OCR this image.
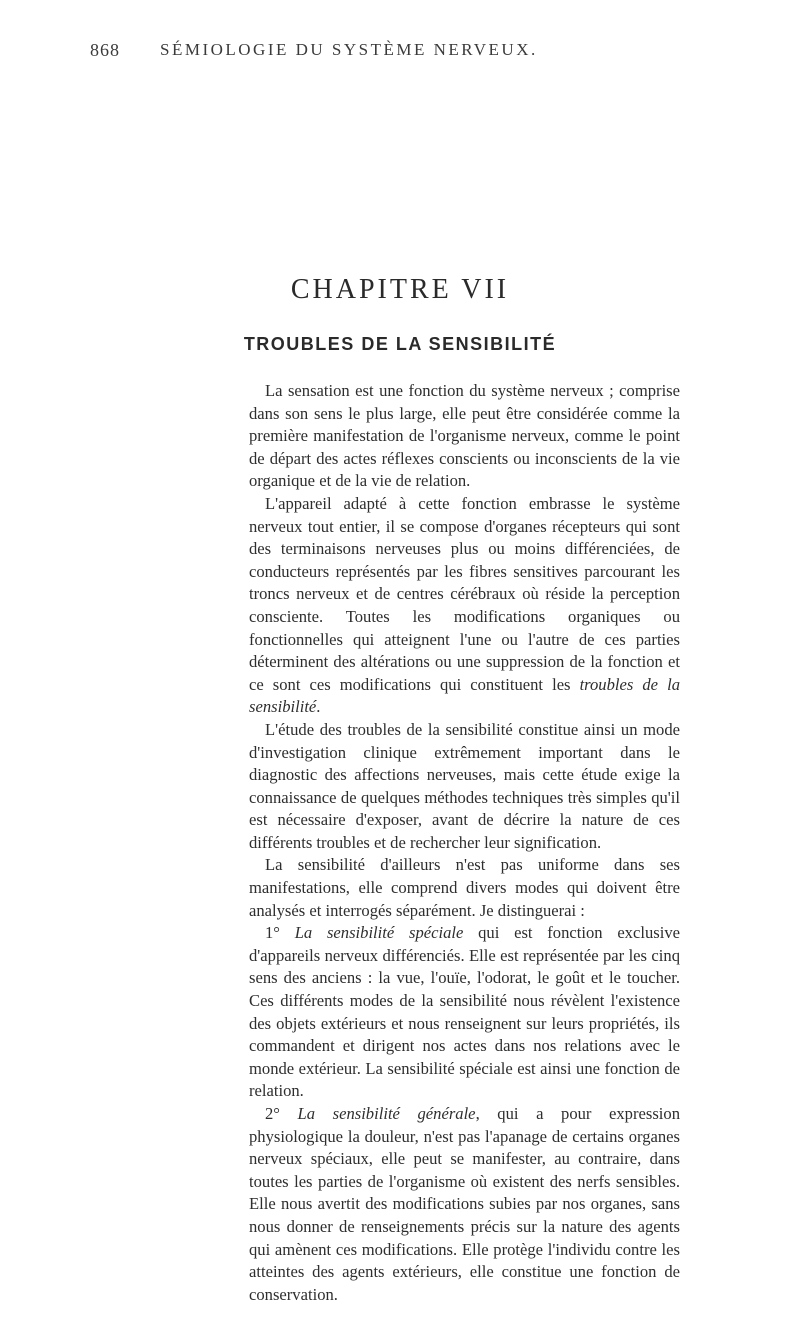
868 SÉMIOLOGIE DU SYSTÈME NERVEUX.
CHAPITRE VII
TROUBLES DE LA SENSIBILITÉ

La sensation est une fonction du système nerveux ; comprise dans son sens le plus large, elle peut être considérée comme la première manifestation de l'organisme nerveux, comme le point de départ des actes réflexes conscients ou inconscients de la vie organique et de la vie de relation.

L'appareil adapté à cette fonction embrasse le système nerveux tout entier, il se compose d'organes récepteurs qui sont des terminaisons nerveuses plus ou moins différenciées, de conducteurs représentés par les fibres sensitives parcourant les troncs nerveux et de centres cérébraux où réside la perception consciente. Toutes les modifications organiques ou fonctionnelles qui atteignent l'une ou l'autre de ces parties déterminent des altérations ou une suppression de la fonction et ce sont ces modifications qui constituent les troubles de la sensibilité.

L'étude des troubles de la sensibilité constitue ainsi un mode d'investigation clinique extrêmement important dans le diagnostic des affections nerveuses, mais cette étude exige la connaissance de quelques méthodes techniques très simples qu'il est nécessaire d'exposer, avant de décrire la nature de ces différents troubles et de rechercher leur signification.

La sensibilité d'ailleurs n'est pas uniforme dans ses manifestations, elle comprend divers modes qui doivent être analysés et interrogés séparément. Je distinguerai :

1° La sensibilité spéciale qui est fonction exclusive d'appareils nerveux différenciés. Elle est représentée par les cinq sens des anciens : la vue, l'ouïe, l'odorat, le goût et le toucher. Ces différents modes de la sensibilité nous révèlent l'existence des objets extérieurs et nous renseignent sur leurs propriétés, ils commandent et dirigent nos actes dans nos relations avec le monde extérieur. La sensibilité spéciale est ainsi une fonction de relation.

2° La sensibilité générale, qui a pour expression physiologique la douleur, n'est pas l'apanage de certains organes nerveux spéciaux, elle peut se manifester, au contraire, dans toutes les parties de l'organisme où existent des nerfs sensibles. Elle nous avertit des modifications subies par nos organes, sans nous donner de renseignements précis sur la nature des agents qui amènent ces modifications. Elle protège l'individu contre les atteintes des agents extérieurs, elle constitue une fonction de conservation.
